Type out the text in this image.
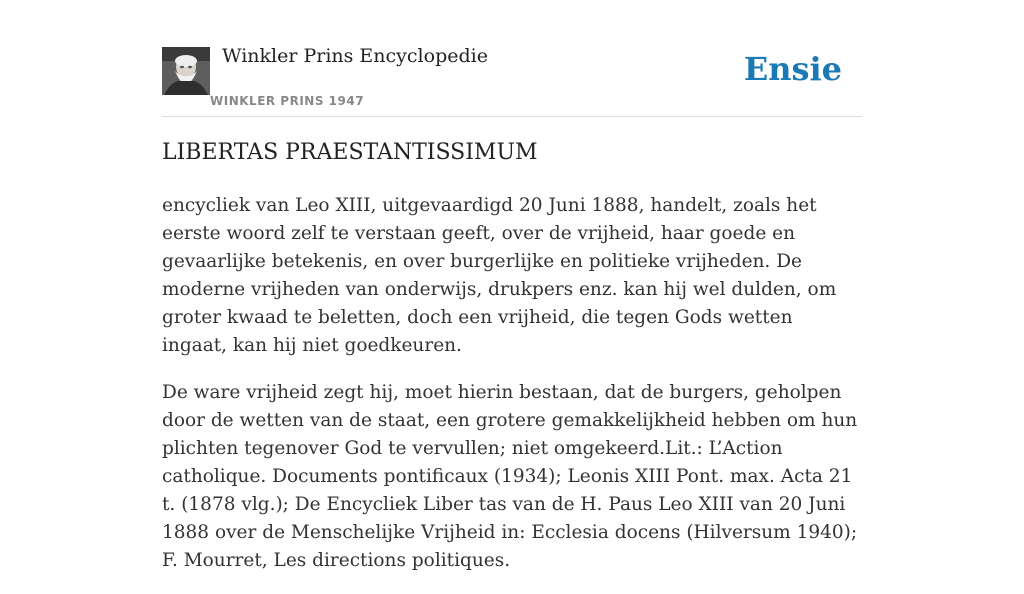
Winkler Prins Encyclopedie
WINKLER PRINS 1947
Ensie
LIBERTAS PRAESTANTISSIMUM

encycliek van Leo XIII, uitgevaardigd 20 Juni 1888, handelt, zoals het eerste woord zelf te verstaan geeft, over de vrijheid, haar goede en gevaarlijke betekenis, en over burgerlijke en politieke vrijheden. De moderne vrijheden van onderwijs, drukpers enz. kan hij wel dulden, om groter kwaad te beletten, doch een vrijheid, die tegen Gods wetten ingaat, kan hij niet goedkeuren.

De ware vrijheid zegt hij, moet hierin bestaan, dat de burgers, geholpen door de wetten van de staat, een grotere gemakkelijkheid hebben om hun plichten tegenover God te vervullen; niet omgekeerd.Lit.: L’Action catholique. Documents pontificaux (1934); Leonis XIII Pont. max. Acta 21 t. (1878 vlg.); De Encycliek Liber tas van de H. Paus Leo XIII van 20 Juni 1888 over de Menschelijke Vrijheid in: Ecclesia docens (Hilversum 1940); F. Mourret, Les directions politiques.
